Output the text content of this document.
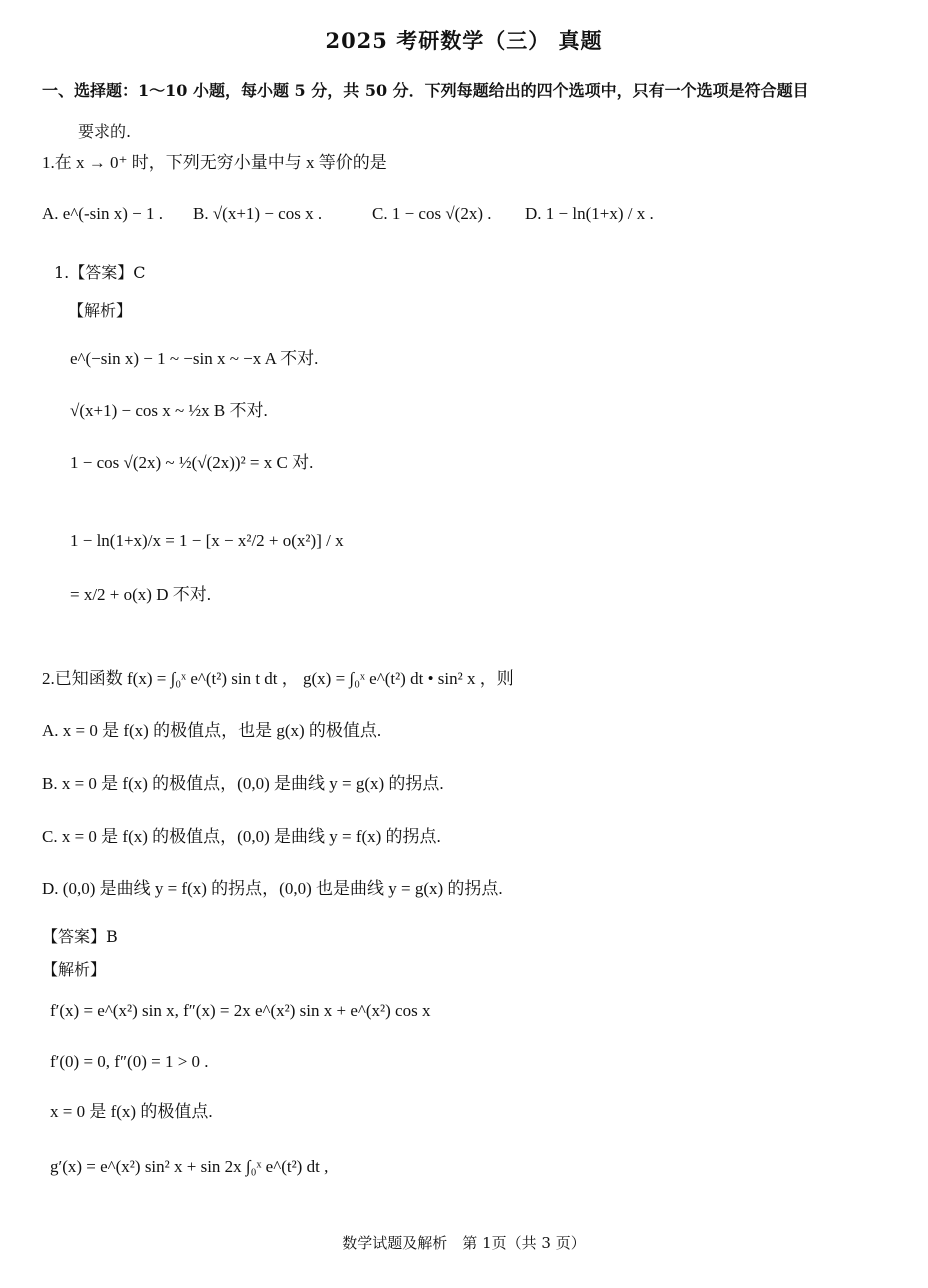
2025 考研数学（三） 真题
一、选择题：1～10 小题，每小题 5 分，共 50 分．下列每题给出的四个选项中，只有一个选项是符合题目
要求的.
1.在 x → 0⁺ 时，下列无穷小量中与 x 等价的是
A. e^(-sin x) − 1 . B. √(x+1) − cos x .	C. 1 − cos √(2x) . D. 1 − ln(1+x) / x .
1.【答案】C
【解析】
e^(−sin x) − 1 ~ −sin x ~ −x A 不对.
√(x+1) − cos x ~ ½x B 不对.
1 − cos √(2x) ~ ½(√(2x))² = x C 对.
1 − ln(1+x)/x = 1 − [x − x²/2 + o(x²)] / x
= x/2 + o(x) D 不对.
2.已知函数 f(x) = ∫₀ˣ e^(t²) sin t dt ， g(x) = ∫₀ˣ e^(t²) dt • sin² x ，则
A. x = 0 是 f(x) 的极值点，也是 g(x) 的极值点.
B. x = 0 是 f(x) 的极值点，(0,0) 是曲线 y = g(x) 的拐点.
C. x = 0 是 f(x) 的极值点，(0,0) 是曲线 y = f(x) 的拐点.
D. (0,0) 是曲线 y = f(x) 的拐点，(0,0) 也是曲线 y = g(x) 的拐点.
【答案】B
【解析】
f′(x) = e^(x²) sin x, f″(x) = 2x e^(x²) sin x + e^(x²) cos x
f′(0) = 0, f″(0) = 1 > 0 .
x = 0 是 f(x) 的极值点.
g′(x) = e^(x²) sin² x + sin 2x ∫₀ˣ e^(t²) dt ,
数学试题及解析　第 1页（共 3 页）
